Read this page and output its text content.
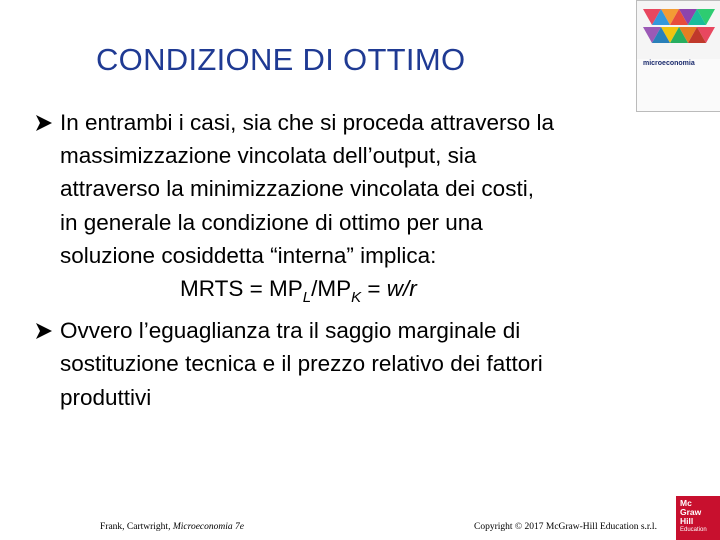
CONDIZIONE DI OTTIMO	microeconomia
In entrambi i casi, sia che si proceda attraverso la
massimizzazione vincolata dell’output, sia
attraverso la minimizzazione vincolata dei costi,
in generale la condizione di ottimo per una
soluzione cosiddetta “interna” implica:
MRTS = $MP_L/MP_K = w/r$
Ovvero l’eguaglianza tra il saggio marginale di
sostituzione tecnica e il prezzo relativo dei fattori
produttivi
Frank, Cartwright, Microeconomia 7e	Copyright © 2017 McGraw-Hill Education s.r.l.
Mc
Graw
Hill
Education
